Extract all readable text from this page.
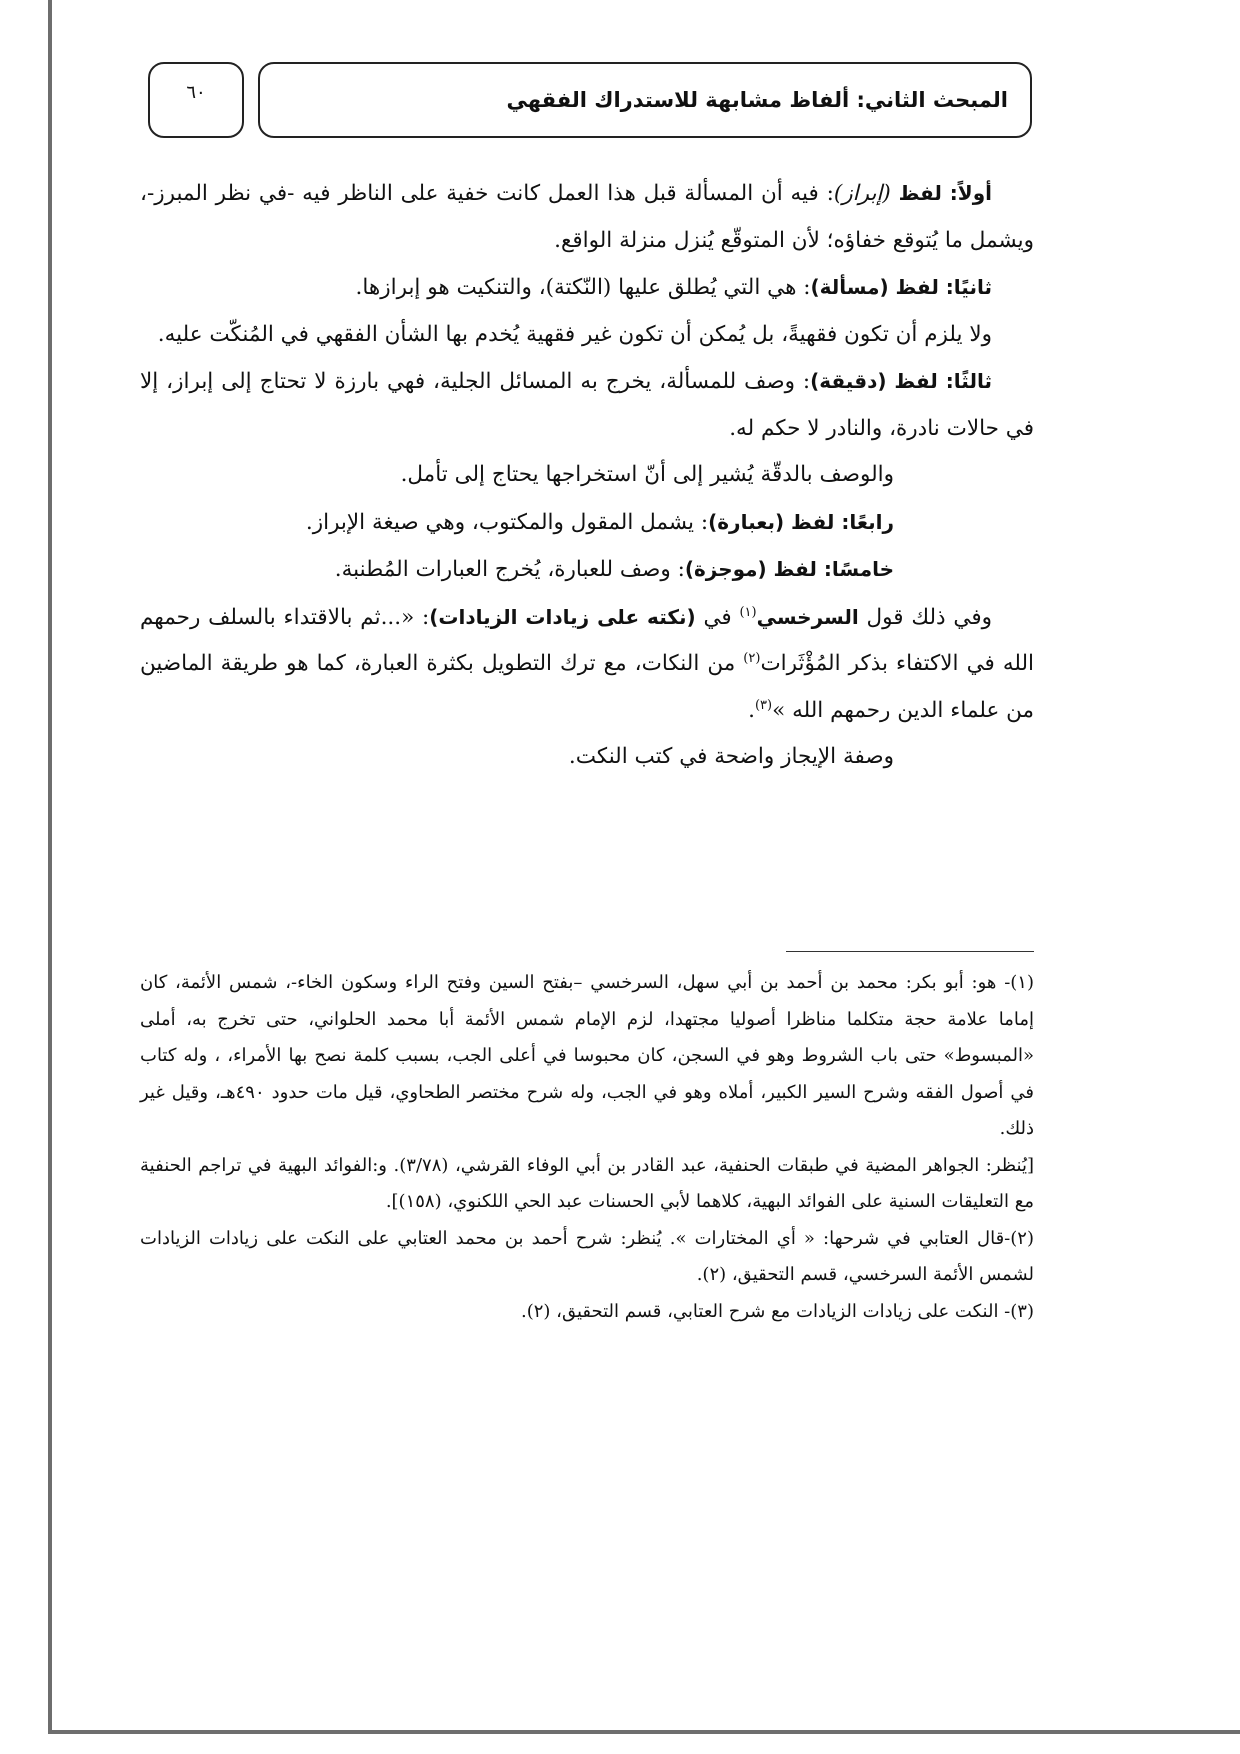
المبحث الثاني: ألفاظ مشابهة للاستدراك الفقهي
٦٠

أولاً: لفظ (إبراز): فيه أن المسألة قبل هذا العمل كانت خفية على الناظر فيه -في نظر المبرز-، ويشمل ما يُتوقع خفاؤه؛ لأن المتوقّع يُنزل منزلة الواقع.

ثانيًا: لفظ (مسألة): هي التي يُطلق عليها (النّكتة)، والتنكيت هو إبرازها.

ولا يلزم أن تكون فقهيةً، بل يُمكن أن تكون غير فقهية يُخدم بها الشأن الفقهي في المُنكّت عليه.

ثالثًا: لفظ (دقيقة): وصف للمسألة، يخرج به المسائل الجلية، فهي بارزة لا تحتاج إلى إبراز، إلا في حالات نادرة، والنادر لا حكم له.

والوصف بالدقّة يُشير إلى أنّ استخراجها يحتاج إلى تأمل.

رابعًا: لفظ (بعبارة): يشمل المقول والمكتوب، وهي صيغة الإبراز.

خامسًا: لفظ (موجزة): وصف للعبارة، يُخرج العبارات المُطنبة.

وفي ذلك قول السرخسي$^{(١)}$ في (نكته على زيادات الزيادات): «...ثم بالاقتداء بالسلف رحمهم الله في الاكتفاء بذكر المُؤْثَرات$^{(٢)}$ من النكات، مع ترك التطويل بكثرة العبارة، كما هو طريقة الماضين من علماء الدين رحمهم الله »$^{(٣)}$.

وصفة الإيجاز واضحة في كتب النكت.

(١)- هو: أبو بكر: محمد بن أحمد بن أبي سهل، السرخسي –بفتح السين وفتح الراء وسكون الخاء-، شمس الأئمة، كان إماما علامة حجة متكلما مناظرا أصوليا مجتهدا، لزم الإمام شمس الأئمة أبا محمد الحلواني، حتى تخرج به، أملى «المبسوط» حتى باب الشروط وهو في السجن، كان محبوسا في أعلى الجب، بسبب كلمة نصح بها الأمراء، ، وله كتاب في أصول الفقه وشرح السير الكبير، أملاه وهو في الجب، وله شرح مختصر الطحاوي، قيل مات حدود ٤٩٠هـ، وقيل غير ذلك.

[يُنظر: الجواهر المضية في طبقات الحنفية، عبد القادر بن أبي الوفاء القرشي، (٣/٧٨). و:الفوائد البهية في تراجم الحنفية مع التعليقات السنية على الفوائد البهية، كلاهما لأبي الحسنات عبد الحي اللكنوي، (١٥٨)].

(٢)-قال العتابي في شرحها: « أي المختارات ». يُنظر: شرح أحمد بن محمد العتابي على النكت على زيادات الزيادات لشمس الأئمة السرخسي، قسم التحقيق، (٢).

(٣)- النكت على زيادات الزيادات مع شرح العتابي، قسم التحقيق، (٢).
